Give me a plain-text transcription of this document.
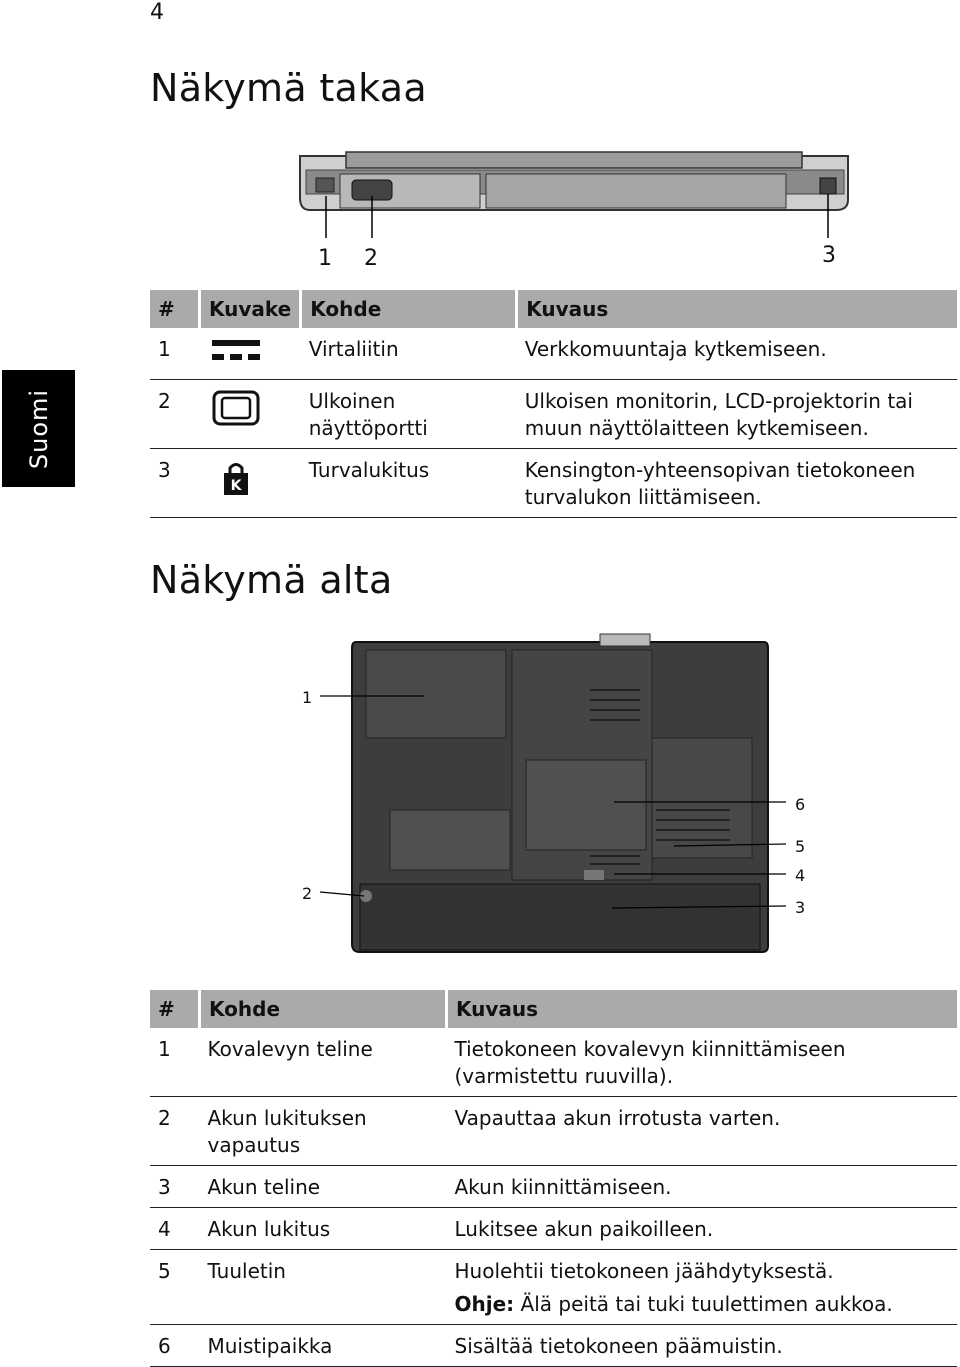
4
Suomi
Näkymä takaa
1 2	3
#	Kuvake	Kohde	Kuvaus
1		Virtaliitin	Verkkomuuntaja kytkemiseen.
2		Ulkoinen näyttöportti	Ulkoisen monitorin, LCD-projektorin tai muun näyttölaitteen kytkemiseen.
3	K	Turvalukitus	Kensington-yhteensopivan tietokoneen turvalukon liittämiseen.
Näkymä alta
1
2
3
4
5
6
#	Kohde	Kuvaus
1	Kovalevyn teline	Tietokoneen kovalevyn kiinnittämiseen (varmistettu ruuvilla).
2	Akun lukituksen vapautus	Vapauttaa akun irrotusta varten.
3	Akun teline	Akun kiinnittämiseen.
4	Akun lukitus	Lukitsee akun paikoilleen.
5	Tuuletin	Huolehtii tietokoneen jäähdytyksestä.
Ohje: Älä peitä tai tuki tuulettimen aukkoa.

6	Muistipaikka	Sisältää tietokoneen päämuistin.
